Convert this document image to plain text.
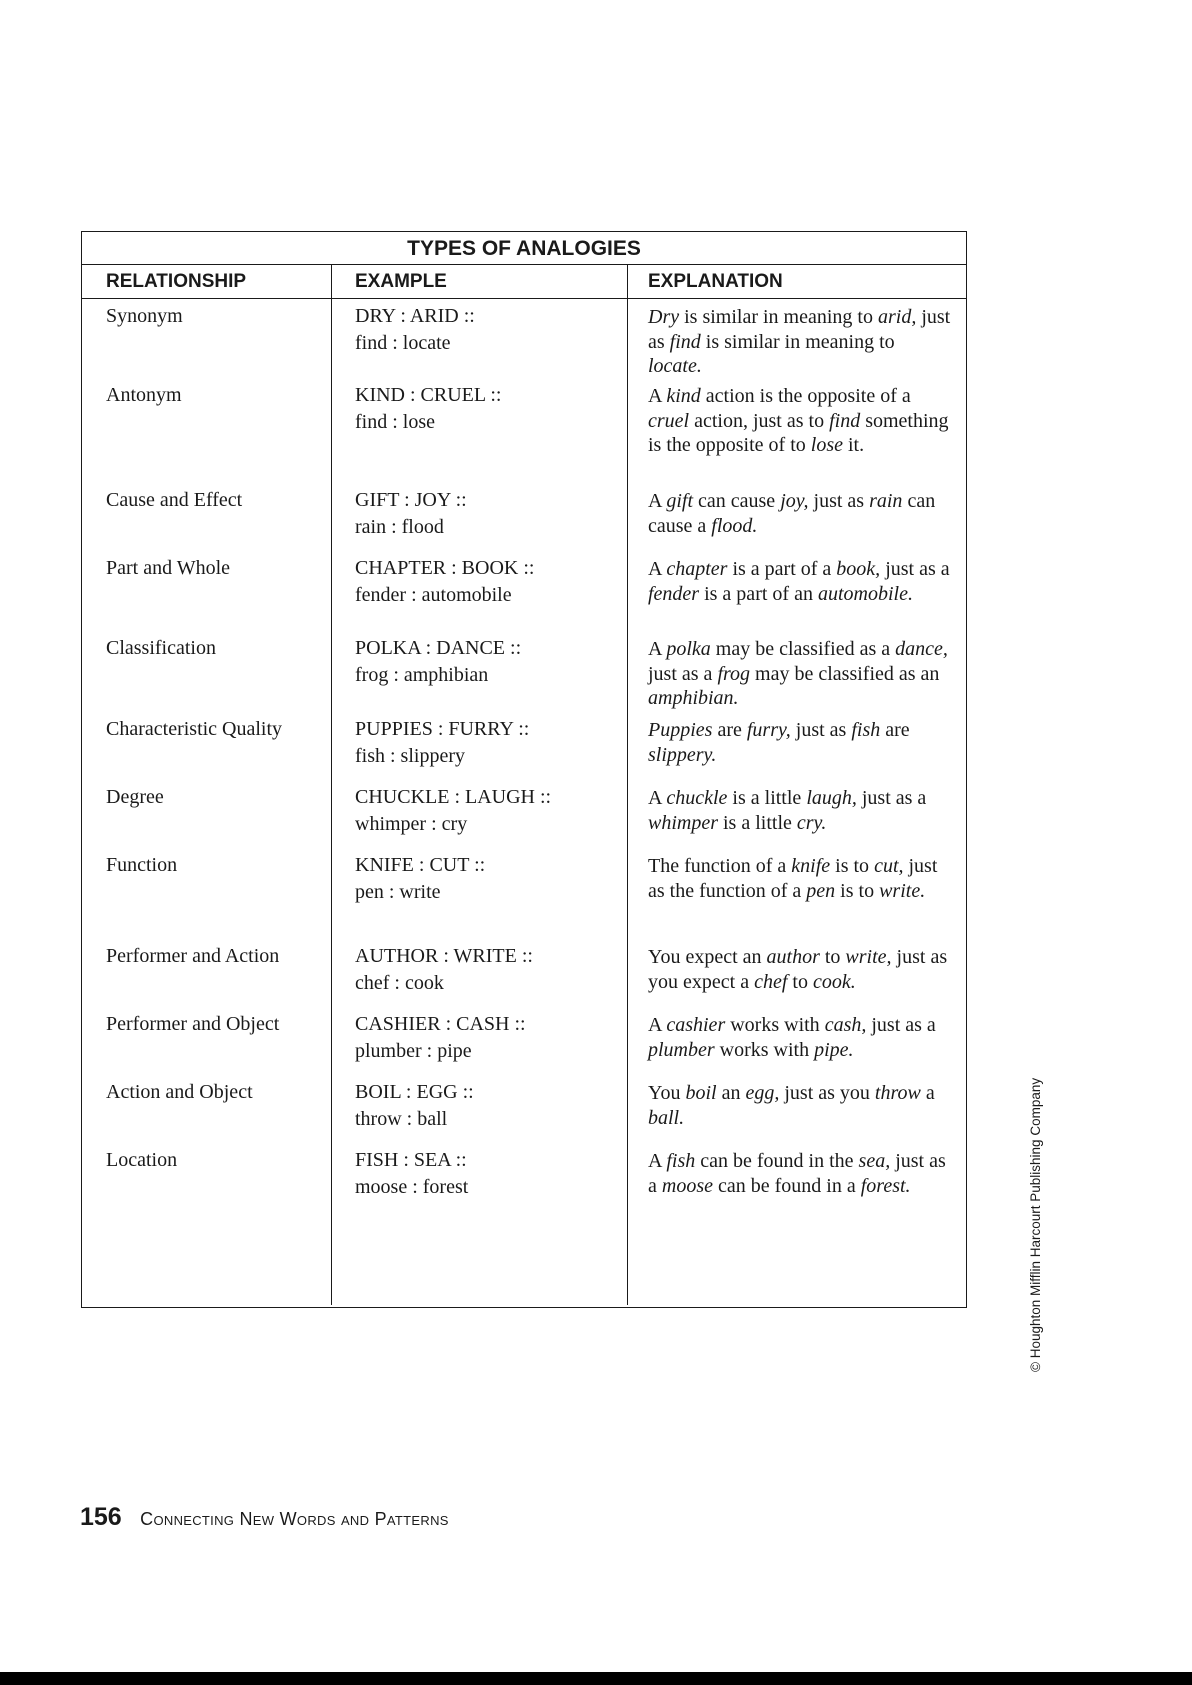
TYPES OF ANALOGIES
RELATIONSHIP	EXAMPLE	EXPLANATION
Synonym
Antonym
Cause and Effect
Part and Whole
Classification
Characteristic Quality
Degree
Function
Performer and Action
Performer and Object
Action and Object
Location
DRY : ARID ::
find : locate
KIND : CRUEL ::
find : lose
GIFT : JOY ::
rain : flood
CHAPTER : BOOK ::
fender : automobile
POLKA : DANCE ::
frog : amphibian
PUPPIES : FURRY ::
fish : slippery
CHUCKLE : LAUGH ::
whimper : cry
KNIFE : CUT ::
pen : write
AUTHOR : WRITE ::
chef : cook
CASHIER : CASH ::
plumber : pipe
BOIL : EGG ::
throw : ball
FISH : SEA ::
moose : forest
Dry is similar in meaning to arid, just as find is similar in meaning to locate.
A kind action is the opposite of a cruel action, just as to find something is the opposite of to lose it.
A gift can cause joy, just as rain can cause a flood.
A chapter is a part of a book, just as a fender is a part of an automobile.
A polka may be classified as a dance, just as a frog may be classified as an amphibian.
Puppies are furry, just as fish are slippery.
A chuckle is a little laugh, just as a whimper is a little cry.
The function of a knife is to cut, just as the function of a pen is to write.
You expect an author to write, just as you expect a chef to cook.
A cashier works with cash, just as a plumber works with pipe.
You boil an egg, just as you throw a ball.
A fish can be found in the sea, just as a moose can be found in a forest.
156 Connecting New Words and Patterns
© Houghton Mifflin Harcourt Publishing Company
